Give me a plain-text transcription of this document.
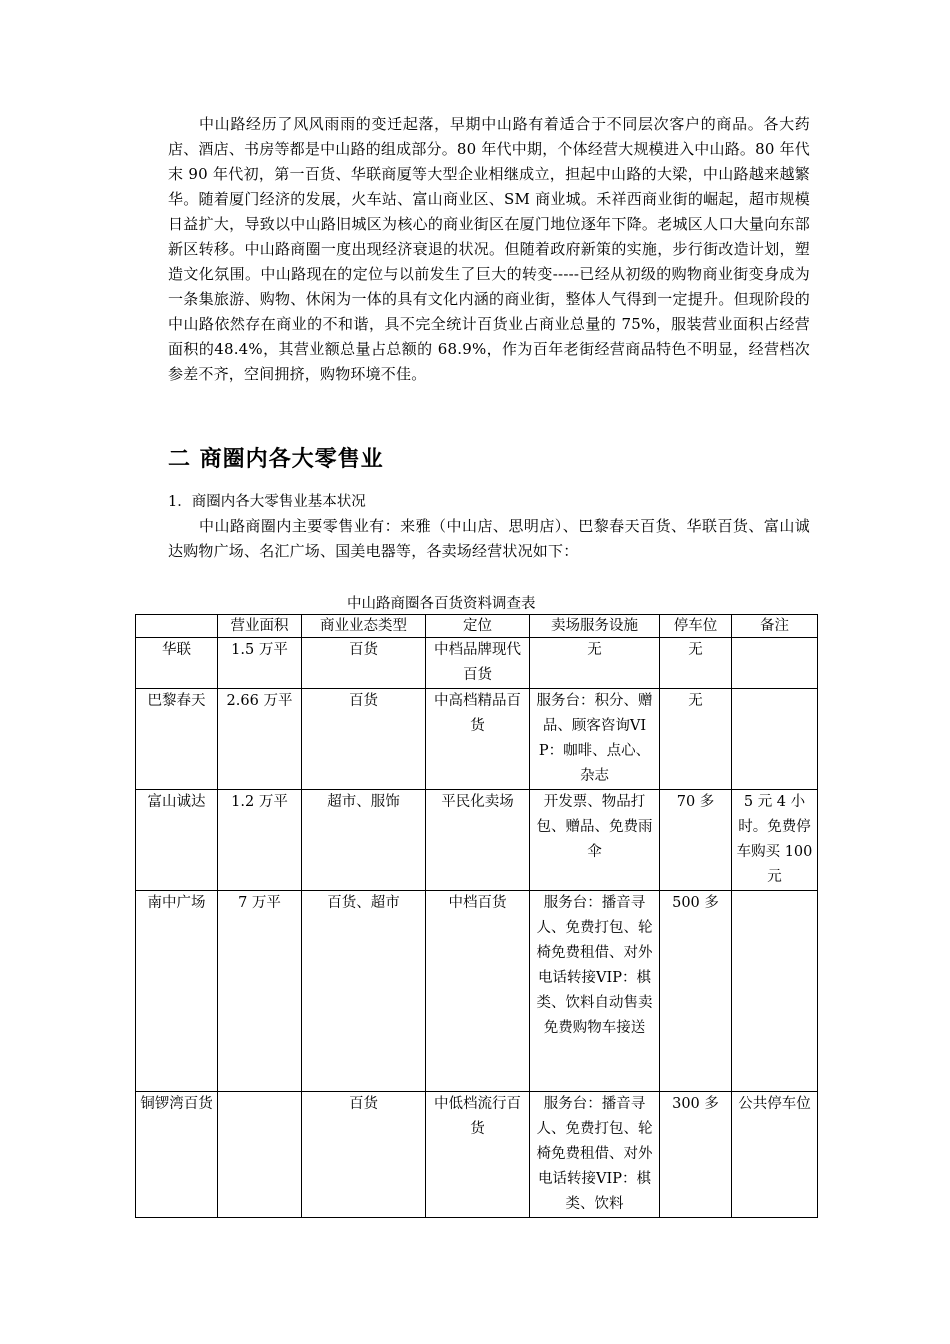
中山路经历了风风雨雨的变迁起落，早期中山路有着适合于不同层次客户的商品。各大药店、酒店、书房等都是中山路的组成部分。80 年代中期，个体经营大规模进入中山路。80 年代末 90 年代初，第一百货、华联商厦等大型企业相继成立，担起中山路的大梁，中山路越来越繁华。随着厦门经济的发展，火车站、富山商业区、SM 商业城。禾祥西商业街的崛起，超市规模日益扩大，导致以中山路旧城区为核心的商业街区在厦门地位逐年下降。老城区人口大量向东部新区转移。中山路商圈一度出现经济衰退的状况。但随着政府新策的实施，步行街改造计划，塑造文化氛围。中山路现在的定位与以前发生了巨大的转变-----已经从初级的购物商业街变身成为一条集旅游、购物、休闲为一体的具有文化内涵的商业街，整体人气得到一定提升。但现阶段的中山路依然存在商业的不和谐，具不完全统计百货业占商业总量的 75%，服装营业面积占经营面积的48.4%，其营业额总量占总额的 68.9%，作为百年老街经营商品特色不明显，经营档次参差不齐，空间拥挤，购物环境不佳。

二 商圈内各大零售业

1．商圈内各大零售业基本状况

中山路商圈内主要零售业有：来雅（中山店、思明店）、巴黎春天百货、华联百货、富山诚达购物广场、名汇广场、国美电器等，各卖场经营状况如下：

中山路商圈各百货资料调查表

	营业面积	商业业态类型	定位	卖场服务设施	停车位	备注
华联	1.5 万平	百货	中档品牌现代百货	无	无	
巴黎春天	2.66 万平	百货	中高档精品百货	服务台：积分、赠品、顾客咨询VIP：咖啡、点心、杂志	无	
富山诚达	1.2 万平	超市、服饰	平民化卖场	开发票、物品打包、赠品、免费雨伞	70 多	5 元 4 小时。免费停车购买 100 元
南中广场	7 万平	百货、超市	中档百货	服务台：播音寻人、免费打包、轮椅免费租借、对外电话转接VIP：棋类、饮料自动售卖免费购物车接送	500 多	
铜锣湾百货		百货	中低档流行百货	服务台：播音寻人、免费打包、轮椅免费租借、对外电话转接VIP：棋类、饮料	300 多	公共停车位
